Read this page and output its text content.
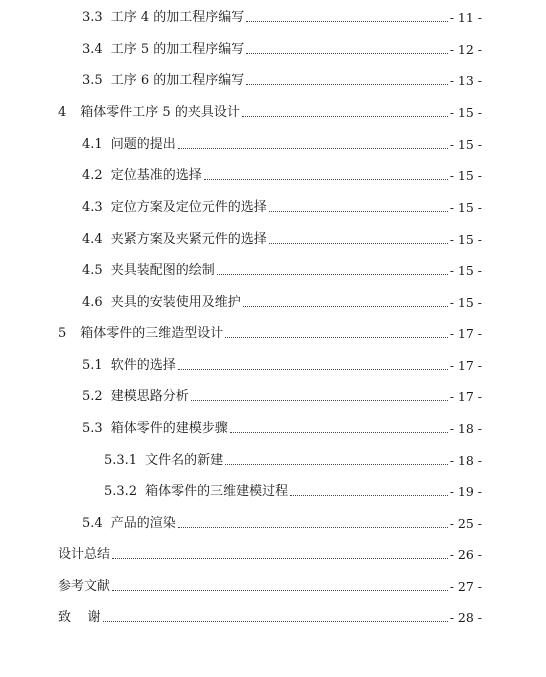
3.3 工序 4 的加工程序编写	- 11 -
3.4 工序 5 的加工程序编写	- 12 -
3.5 工序 6 的加工程序编写	- 13 -
4 箱体零件工序 5 的夹具设计	- 15 -
4.1 问题的提出	- 15 -
4.2 定位基准的选择	- 15 -
4.3 定位方案及定位元件的选择	- 15 -
4.4 夹紧方案及夹紧元件的选择	- 15 -
4.5 夹具装配图的绘制	- 15 -
4.6 夹具的安装使用及维护	- 15 -
5 箱体零件的三维造型设计	- 17 -
5.1 软件的选择	- 17 -
5.2 建模思路分析	- 17 -
5.3 箱体零件的建模步骤	- 18 -
5.3.1 文件名的新建	- 18 -
5.3.2 箱体零件的三维建模过程	- 19 -
5.4 产品的渲染	- 25 -
设计总结	- 26 -
参考文献	- 27 -
致    谢	- 28 -
